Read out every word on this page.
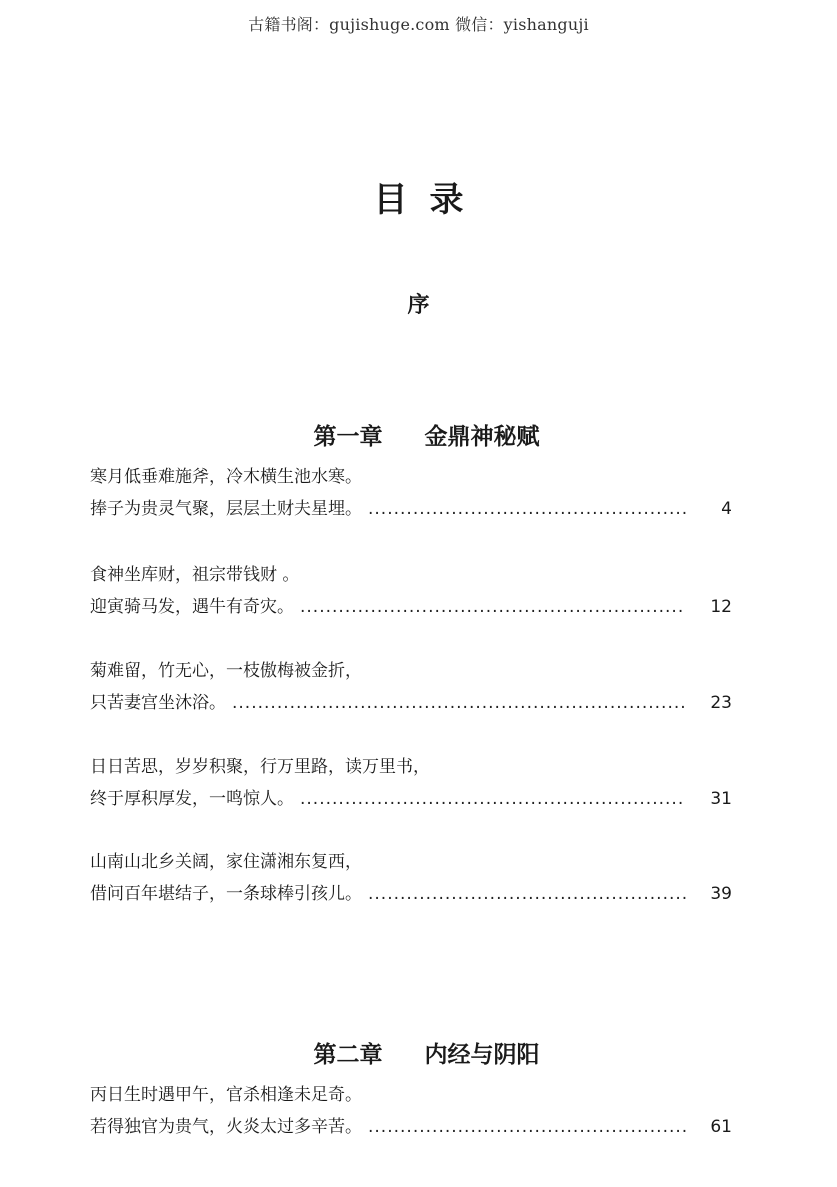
古籍书阁：gujishuge.com 微信：yishanguji
目录
序

第一章 金鼎神秘赋

寒月低垂难施斧，冷木横生池水寒。
捧子为贵灵气聚，层层土财夫星埋。 .....	4
食神坐库财，祖宗带钱财 。
迎寅骑马发，遇牛有奇灾。 .....	12
菊难留，竹无心，一枝傲梅被金折，
只苦妻宫坐沐浴。 .....	23
日日苦思，岁岁积聚，行万里路，读万里书，
终于厚积厚发，一鸣惊人。 .....	31
山南山北乡关阔，家住潇湘东复西，
借问百年堪结子，一条球棒引孩儿。 .....	39

第二章 内经与阴阳

丙日生时遇甲午，官杀相逢未足奇。
若得独官为贵气，火炎太过多辛苦。 .....	61
